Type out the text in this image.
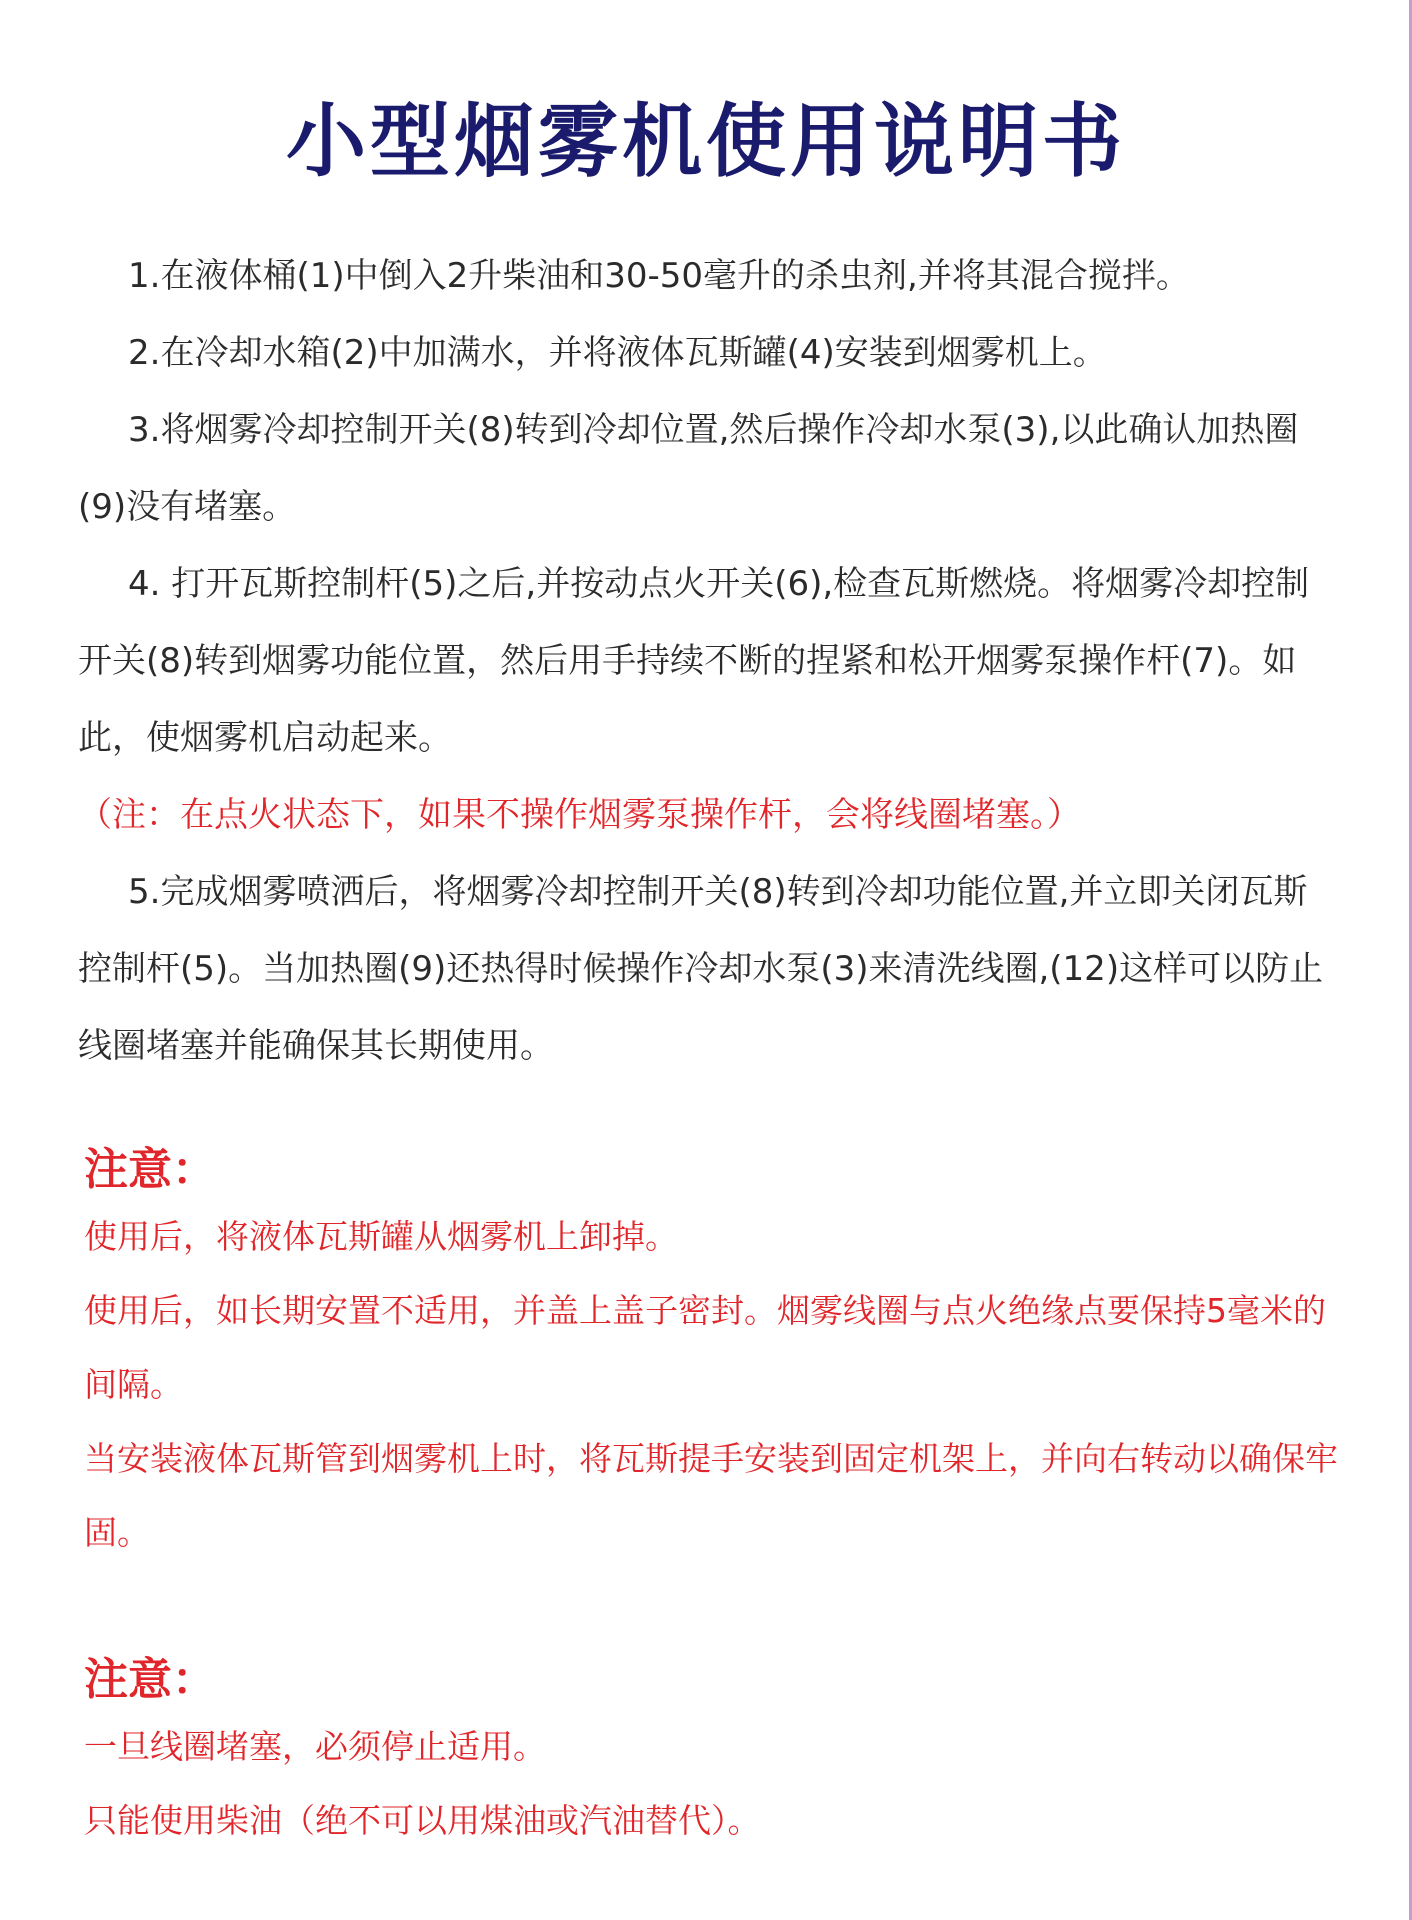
小型烟雾机使用说明书

1.在液体桶(1)中倒入2升柴油和30-50毫升的杀虫剂,并将其混合搅拌。

2.在冷却水箱(2)中加满水，并将液体瓦斯罐(4)安装到烟雾机上。

3.将烟雾冷却控制开关(8)转到冷却位置,然后操作冷却水泵(3),以此确认加热圈(9)没有堵塞。

4. 打开瓦斯控制杆(5)之后,并按动点火开关(6),检查瓦斯燃烧。将烟雾冷却控制开关(8)转到烟雾功能位置，然后用手持续不断的捏紧和松开烟雾泵操作杆(7)。如此，使烟雾机启动起来。

（注：在点火状态下，如果不操作烟雾泵操作杆，会将线圈堵塞。）

5.完成烟雾喷洒后，将烟雾冷却控制开关(8)转到冷却功能位置,并立即关闭瓦斯控制杆(5)。当加热圈(9)还热得时候操作冷却水泵(3)来清洗线圈,(12)这样可以防止线圈堵塞并能确保其长期使用。

注意：

使用后，将液体瓦斯罐从烟雾机上卸掉。

使用后，如长期安置不适用，并盖上盖子密封。烟雾线圈与点火绝缘点要保持5毫米的间隔。

当安装液体瓦斯管到烟雾机上时，将瓦斯提手安装到固定机架上，并向右转动以确保牢固。

注意：

一旦线圈堵塞，必须停止适用。

只能使用柴油（绝不可以用煤油或汽油替代）。
